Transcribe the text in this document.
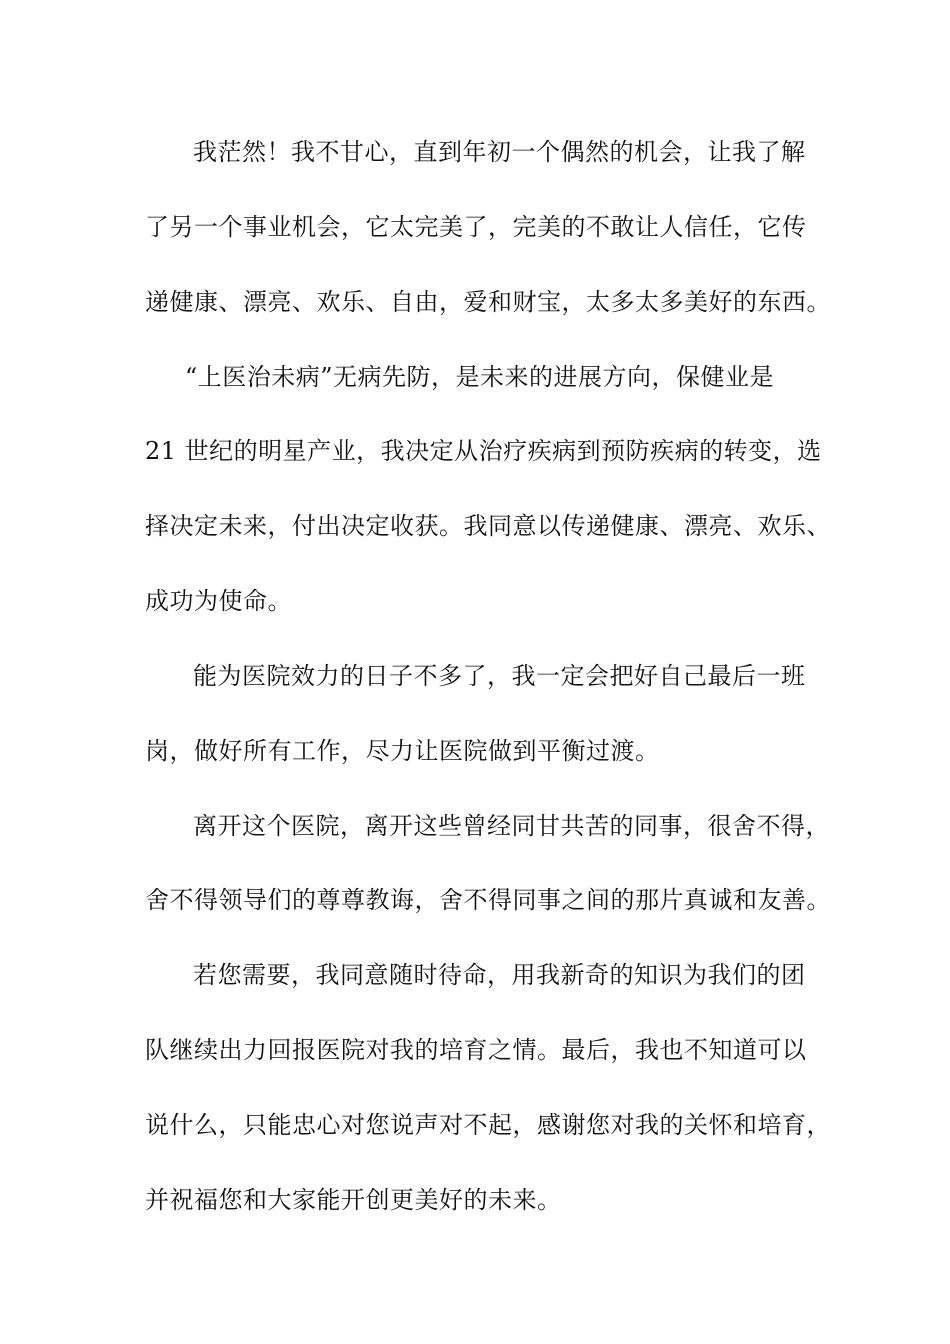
我茫然！我不甘心，直到年初一个偶然的机会，让我了解
了另一个事业机会，它太完美了，完美的不敢让人信任，它传
递健康、漂亮、欢乐、自由，爱和财宝，太多太多美好的东西。
“上医治未病”无病先防，是未来的进展方向，保健业是
21 世纪的明星产业，我决定从治疗疾病到预防疾病的转变，选
择决定未来，付出决定收获。我同意以传递健康、漂亮、欢乐、
成功为使命。
能为医院效力的日子不多了，我一定会把好自己最后一班
岗，做好所有工作，尽力让医院做到平衡过渡。
离开这个医院，离开这些曾经同甘共苦的同事，很舍不得，
舍不得领导们的尊尊教诲，舍不得同事之间的那片真诚和友善。
若您需要，我同意随时待命，用我新奇的知识为我们的团
队继续出力回报医院对我的培育之情。最后，我也不知道可以
说什么，只能忠心对您说声对不起，感谢您对我的关怀和培育，
并祝福您和大家能开创更美好的未来。
